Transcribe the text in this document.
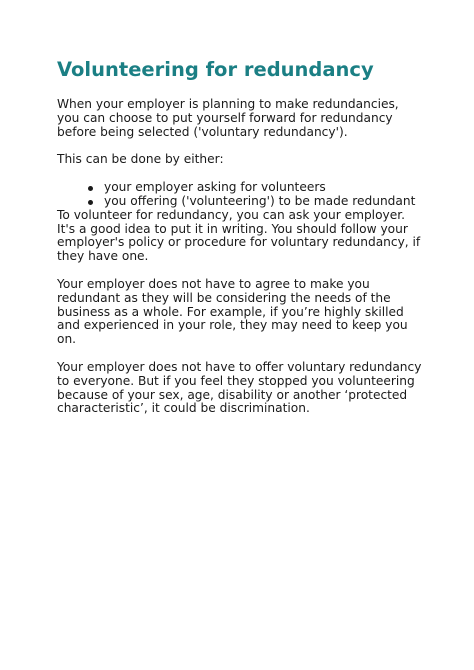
Volunteering for redundancy

When your employer is planning to make redundancies, you can choose to put yourself forward for redundancy before being selected ('voluntary redundancy').

This can be done by either:

your employer asking for volunteers
you offering ('volunteering') to be made redundant

To volunteer for redundancy, you can ask your employer. It's a good idea to put it in writing. You should follow your employer's policy or procedure for voluntary redundancy, if they have one.

Your employer does not have to agree to make you redundant as they will be considering the needs of the business as a whole. For example, if you’re highly skilled and experienced in your role, they may need to keep you on.

Your employer does not have to offer voluntary redundancy to everyone. But if you feel they stopped you volunteering because of your sex, age, disability or another ‘protected characteristic’, it could be discrimination.
